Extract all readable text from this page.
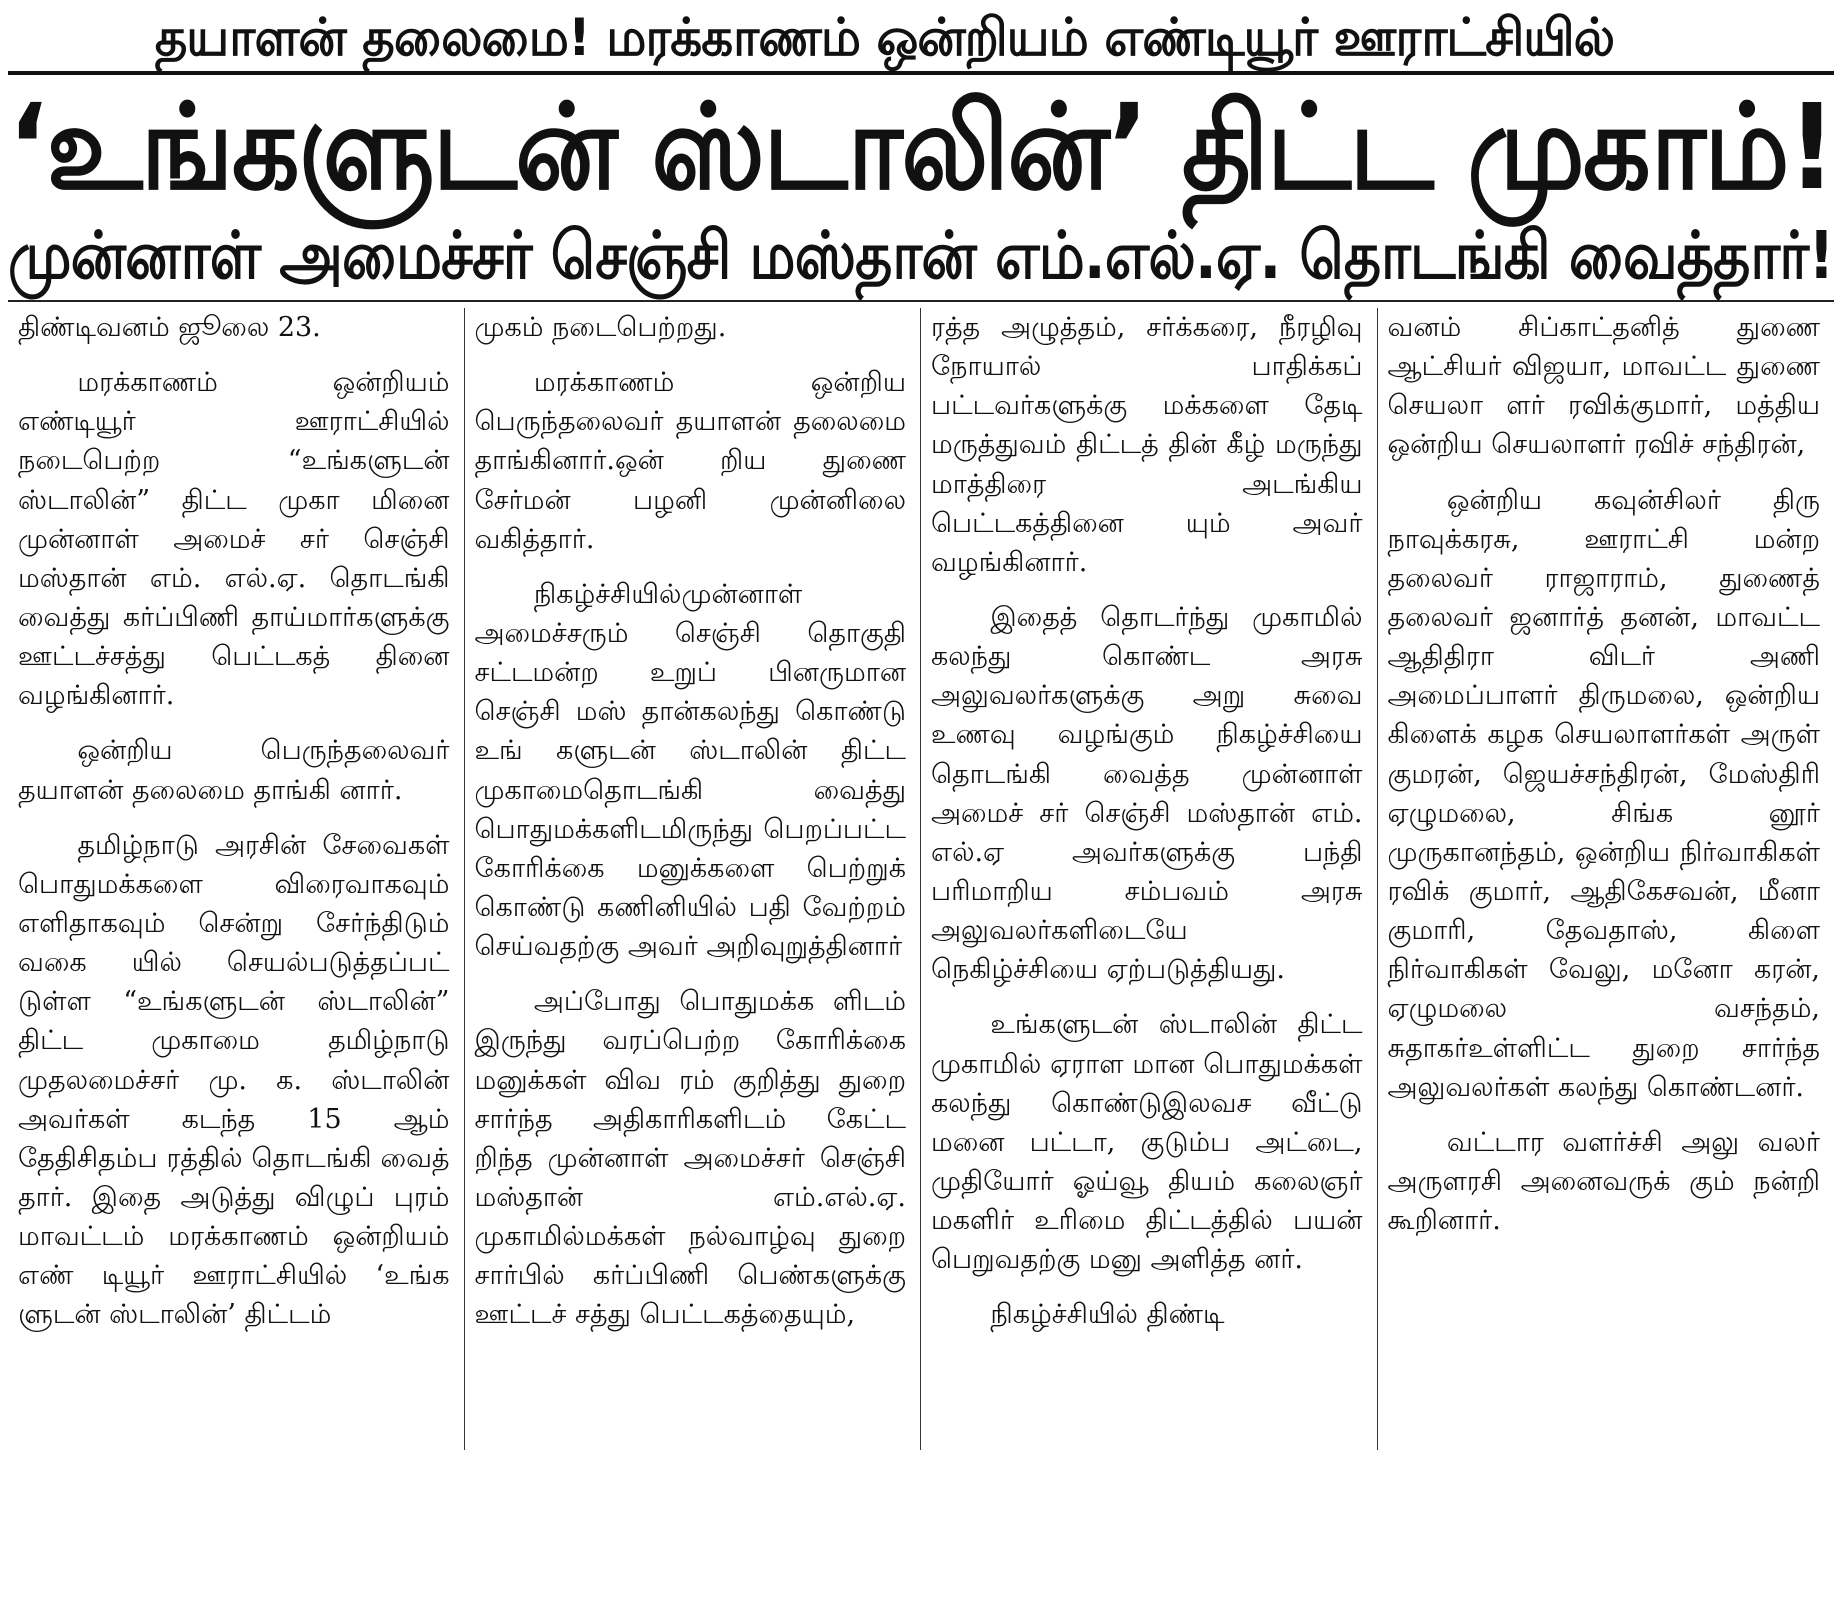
தயாளன் தலைமை! மரக்காணம் ஒன்றியம் எண்டியூர் ஊராட்சியில்
‘உங்களுடன் ஸ்டாலின்’ திட்ட முகாம்!
முன்னாள் அமைச்சர் செஞ்சி மஸ்தான் எம்.எல்.ஏ. தொடங்கி வைத்தார்!

திண்டிவனம் ஜூலை 23.

மரக்காணம் ஒன்றியம் எண்டியூர் ஊராட்சியில் நடைபெற்ற “உங்களுடன் ஸ்டாலின்” திட்ட முகா மினை முன்னாள் அமைச் சர் செஞ்சி மஸ்தான் எம். எல்.ஏ. தொடங்கி வைத்து கர்ப்பிணி தாய்மார்களுக்கு ஊட்டச்சத்து பெட்டகத் தினை வழங்கினார்.

ஒன்றிய பெருந்தலைவர் தயாளன் தலைமை தாங்கி னார்.

தமிழ்நாடு அரசின் சேவைகள் பொதுமக்களை விரைவாகவும் எளிதாகவும் சென்று சேர்ந்திடும் வகை யில் செயல்படுத்தப்பட் டுள்ள “உங்களுடன் ஸ்டாலின்” திட்ட முகாமை தமிழ்நாடு முதலமைச்சர் மு. க. ஸ்டாலின் அவர்கள் கடந்த 15 ஆம் தேதிசிதம்ப ரத்தில் தொடங்கி வைத் தார். இதை அடுத்து விழுப் புரம் மாவட்டம் மரக்காணம் ஒன்றியம் எண் டியூர் ஊராட்சியில் ‘உங்க ளுடன் ஸ்டாலின்’ திட்டம்

முகம் நடைபெற்றது.

மரக்காணம் ஒன்றிய பெருந்தலைவர் தயாளன் தலைமை தாங்கினார்.ஒன் றிய துணை சேர்மன் பழனி முன்னிலை வகித்தார்.

நிகழ்ச்சியில்முன்னாள் அமைச்சரும் செஞ்சி தொகுதி சட்டமன்ற உறுப் பினருமான செஞ்சி மஸ் தான்கலந்து கொண்டு உங் களுடன் ஸ்டாலின் திட்ட முகாமைதொடங்கி வைத்து பொதுமக்களிடமிருந்து பெறப்பட்ட கோரிக்கை மனுக்களை பெற்றுக் கொண்டு கணினியில் பதி வேற்றம் செய்வதற்கு அவர் அறிவுறுத்தினார்

அப்போது பொதுமக்க ளிடம் இருந்து வரப்பெற்ற கோரிக்கை மனுக்கள் விவ ரம் குறித்து துறை சார்ந்த அதிகாரிகளிடம் கேட்ட றிந்த முன்னாள் அமைச்சர் செஞ்சி மஸ்தான் எம்.எல்.ஏ. முகாமில்மக்கள் நல்வாழ்வு துறை சார்பில் கர்ப்பிணி பெண்களுக்கு ஊட்டச் சத்து பெட்டகத்தையும்,

ரத்த அழுத்தம், சர்க்கரை, நீரழிவு நோயால் பாதிக்கப் பட்டவர்களுக்கு மக்களை தேடி மருத்துவம் திட்டத் தின் கீழ் மருந்து மாத்திரை அடங்கிய பெட்டகத்தினை யும் அவர் வழங்கினார்.

இதைத் தொடர்ந்து முகாமில் கலந்து கொண்ட அரசு அலுவலர்களுக்கு அறு சுவை உணவு வழங்கும் நிகழ்ச்சியை தொடங்கி வைத்த முன்னாள் அமைச் சர் செஞ்சி மஸ்தான் எம். எல்.ஏ அவர்களுக்கு பந்தி பரிமாறிய சம்பவம் அரசு அலுவலர்களிடையே நெகிழ்ச்சியை ஏற்படுத்தியது.

உங்களுடன் ஸ்டாலின் திட்ட முகாமில் ஏராள மான பொதுமக்கள் கலந்து கொண்டுஇலவச வீட்டு மனை பட்டா, குடும்ப அட்டை, முதியோர் ஓய்வூ தியம் கலைஞர் மகளிர் உரிமை திட்டத்தில் பயன் பெறுவதற்கு மனு அளித்த னர்.

நிகழ்ச்சியில் திண்டி

வனம் சிப்காட்தனித் துணை ஆட்சியர் விஜயா, மாவட்ட துணை செயலா ளர் ரவிக்குமார், மத்திய ஒன்றிய செயலாளர் ரவிச் சந்திரன்,

ஒன்றிய கவுன்சிலர் திரு நாவுக்கரசு, ஊராட்சி மன்ற தலைவர் ராஜாராம், துணைத் தலைவர் ஜனார்த் தனன், மாவட்ட ஆதிதிரா விடர் அணி அமைப்பாளர் திருமலை, ஒன்றிய கிளைக் கழக செயலாளர்கள் அருள் குமரன், ஜெயச்சந்திரன், மேஸ்திரி ஏழுமலை, சிங்க னூர் முருகானந்தம், ஒன்றிய நிர்வாகிகள் ரவிக் குமார், ஆதிகேசவன், மீனா குமாரி, தேவதாஸ், கிளை நிர்வாகிகள் வேலு, மனோ கரன், ஏழுமலை வசந்தம், சுதாகர்உள்ளிட்ட துறை சார்ந்த அலுவலர்கள் கலந்து கொண்டனர்.

வட்டார வளர்ச்சி அலு வலர் அருளரசி அனைவருக் கும் நன்றி கூறினார்.
